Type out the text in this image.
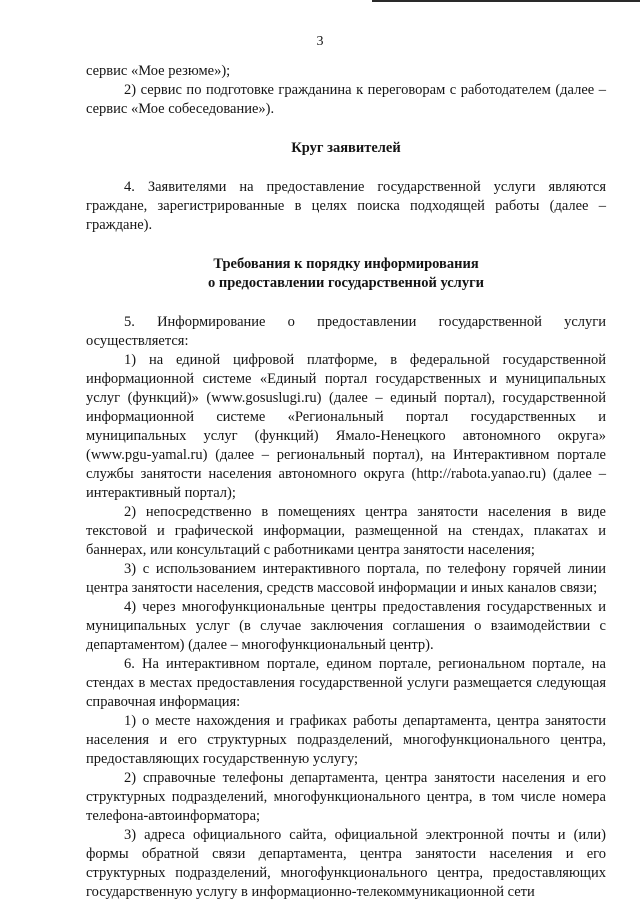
3

сервис «Мое резюме»);

2) сервис по подготовке гражданина к переговорам с работодателем (далее – сервис «Мое собеседование»).

Круг заявителей

4. Заявителями на предоставление государственной услуги являются граждане, зарегистрированные в целях поиска подходящей работы (далее – граждане).

Требования к порядку информирования
о предоставлении государственной услуги

5. Информирование о предоставлении государственной услуги осуществляется:

1) на единой цифровой платформе, в федеральной государственной информационной системе «Единый портал государственных и муниципальных услуг (функций)» (www.gosuslugi.ru) (далее – единый портал), государственной информационной системе «Региональный портал государственных и муниципальных услуг (функций) Ямало-Ненецкого автономного округа» (www.pgu-yamal.ru) (далее – региональный портал), на Интерактивном портале службы занятости населения автономного округа (http://rabota.yanao.ru) (далее – интерактивный портал);

2) непосредственно в помещениях центра занятости населения в виде текстовой и графической информации, размещенной на стендах, плакатах и баннерах, или консультаций с работниками центра занятости населения;

3) с использованием интерактивного портала, по телефону горячей линии центра занятости населения, средств массовой информации и иных каналов связи;

4) через многофункциональные центры предоставления государственных и муниципальных услуг (в случае заключения соглашения о взаимодействии с департаментом) (далее – многофункциональный центр).

6. На интерактивном портале, едином портале, региональном портале, на стендах в местах предоставления государственной услуги размещается следующая справочная информация:

1) о месте нахождения и графиках работы департамента, центра занятости населения и его структурных подразделений, многофункционального центра, предоставляющих государственную услугу;

2) справочные телефоны департамента, центра занятости населения и его структурных подразделений, многофункционального центра, в том числе номера телефона-автоинформатора;

3) адреса официального сайта, официальной электронной почты и (или) формы обратной связи департамента, центра занятости населения и его структурных подразделений, многофункционального центра, предоставляющих государственную услугу в информационно-телекоммуникационной сети
